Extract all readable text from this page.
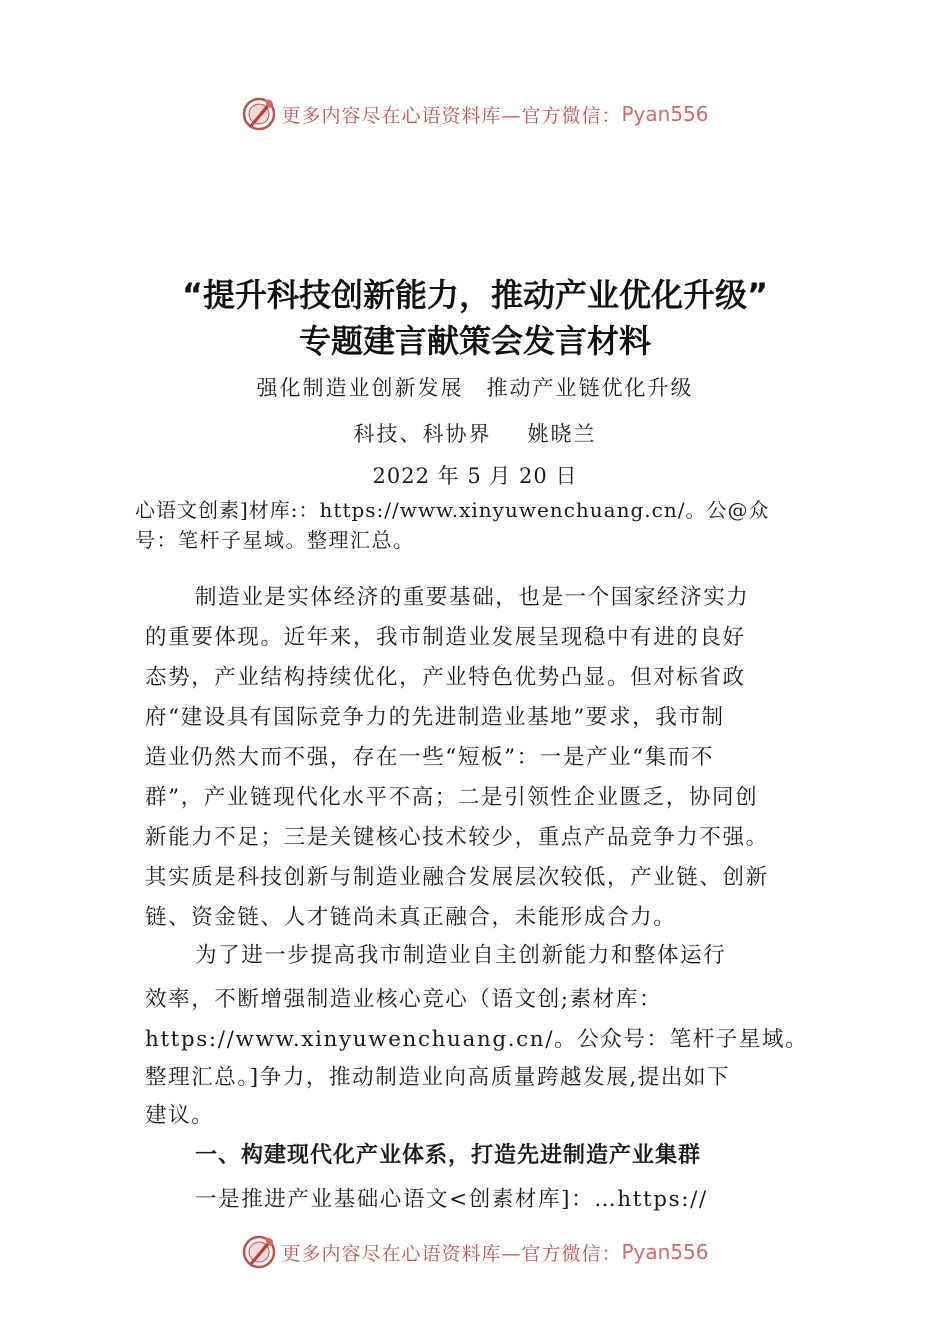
更多内容尽在心语资料库—官方微信： Pyan556
“提升科技创新能力，推动产业优化升级”
专题建言献策会发言材料
强化制造业创新发展　推动产业链优化升级
科技、科协界 姚晓兰
2022 年 5 月 20 日
心语文创素]材库:：https://www.xinyuwenchuang.cn/。公@众
号：笔杆子星域。整理汇总。
制造业是实体经济的重要基础，也是一个国家经济实力
的重要体现。近年来，我市制造业发展呈现稳中有进的良好
态势，产业结构持续优化，产业特色优势凸显。但对标省政
府“建设具有国际竞争力的先进制造业基地”要求，我市制
造业仍然大而不强，存在一些“短板”：一是产业“集而不
群”，产业链现代化水平不高；二是引领性企业匮乏，协同创
新能力不足；三是关键核心技术较少，重点产品竞争力不强。
其实质是科技创新与制造业融合发展层次较低，产业链、创新
链、资金链、人才链尚未真正融合，未能形成合力。
为了进一步提高我市制造业自主创新能力和整体运行
效率，不断增强制造业核心竞心（语文创;素材库：
https://www.xinyuwenchuang.cn/。公众号：笔杆子星域。
整理汇总。]争力，推动制造业向高质量跨越发展,提出如下
建议。
一、构建现代化产业体系，打造先进制造产业集群
一是推进产业基础心语文<创素材库]：…https://
更多内容尽在心语资料库—官方微信： Pyan556
